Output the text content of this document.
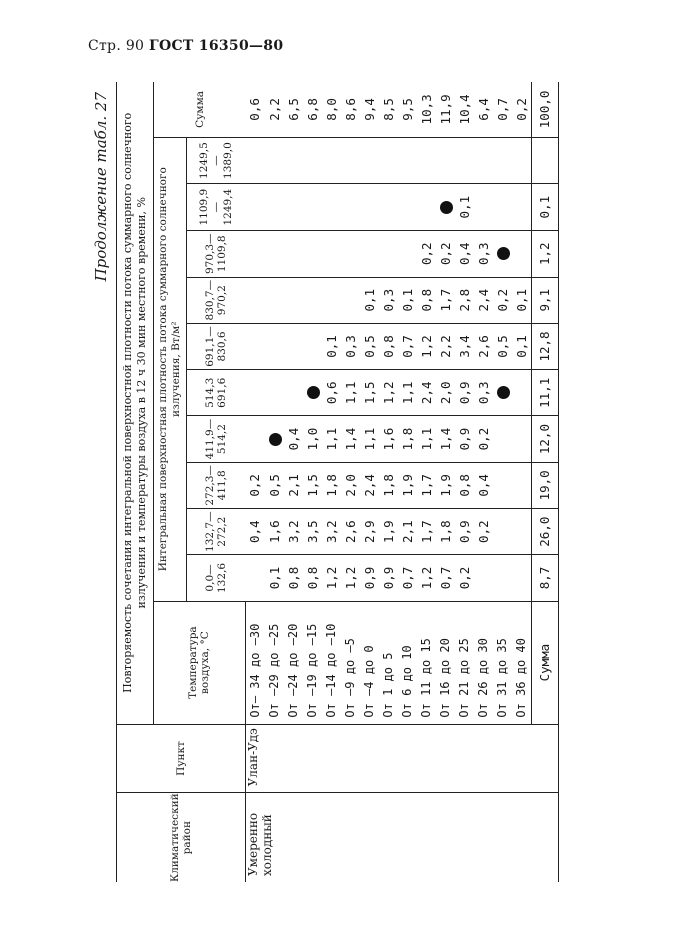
Стр. 90 ГОСТ 16350—80
Продолжение табл. 27
Климатический район	Пункт	Повторяемость сочетания интегральной поверхностной плотности потока суммарного солнечного излучения и температуры воздуха в 12 ч 30 мин местного времени, %											
		Температура воздуха, °С	Интегральная поверхностная плотность потока суммарного солнечного излучения, Вт/м²										Сумма
			0,0—132,6	132,7—272,2	272,3—411,8	411,9—514,2	514,3 691,6	691,1—830,6	830,7—970,2	970,3—1109,8	1109,9—1249,4	1249,5—1389,0	
Умеренно холодный	Улан-Удэ	От— 34 до —30		0,4	0,2								0,6
		От —29 до —25	0,1	1,6	0,5								2,2
		От —24 до —20	0,8	3,2	2,1	0,4							6,5
		От —19 до —15	0,8	3,5	1,5	1,0							6,8
		От —14 до —10	1,2	3,2	1,8	1,1	0,6	0,1					8,0
		От —9 до —5	1,2	2,6	2,0	1,4	1,1	0,3					8,6
		От —4 до 0	0,9	2,9	2,4	1,1	1,5	0,5	0,1				9,4
		От 1 до 5	0,9	1,9	1,8	1,6	1,2	0,8	0,3				8,5
		От 6 до 10	0,7	2,1	1,9	1,8	1,1	0,7	0,1				9,5
		От 11 до 15	1,2	1,7	1,7	1,1	2,4	1,2	0,8	0,2			10,3
		От 16 до 20	0,7	1,8	1,9	1,4	2,0	2,2	1,7	0,2			11,9
		От 21 до 25	0,2	0,9	0,8	0,9	0,9	3,4	2,8	0,4	0,1		10,4
		От 26 до 30		0,2	0,4	0,2	0,3	2,6	2,4	0,3			6,4
		От 31 до 35						0,5	0,2				0,7
		От 36 до 40						0,1	0,1				0,2
		Сумма	8,7	26,0	19,0	12,0	11,1	12,8	9,1	1,2	0,1		100,0
